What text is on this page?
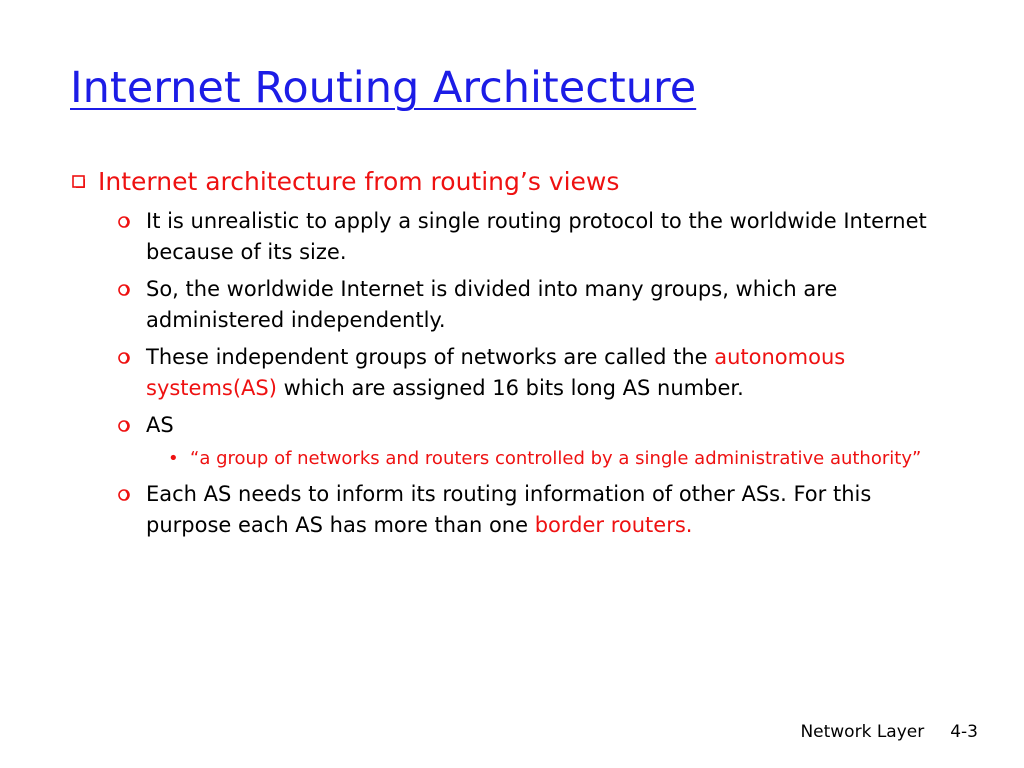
Internet Routing Architecture
Internet architecture from routing’s views
It is unrealistic to apply a single routing protocol to the worldwide Internet because of its size.
So, the worldwide Internet is divided into many groups, which are administered independently.
These independent groups of networks are called the autonomous systems(AS) which are assigned 16 bits long AS number.
AS
• “a group of networks and routers controlled by a single administrative authority”
Each AS needs to inform its routing information of other ASs. For this purpose each AS has more than one border routers.
Network Layer 4-3
